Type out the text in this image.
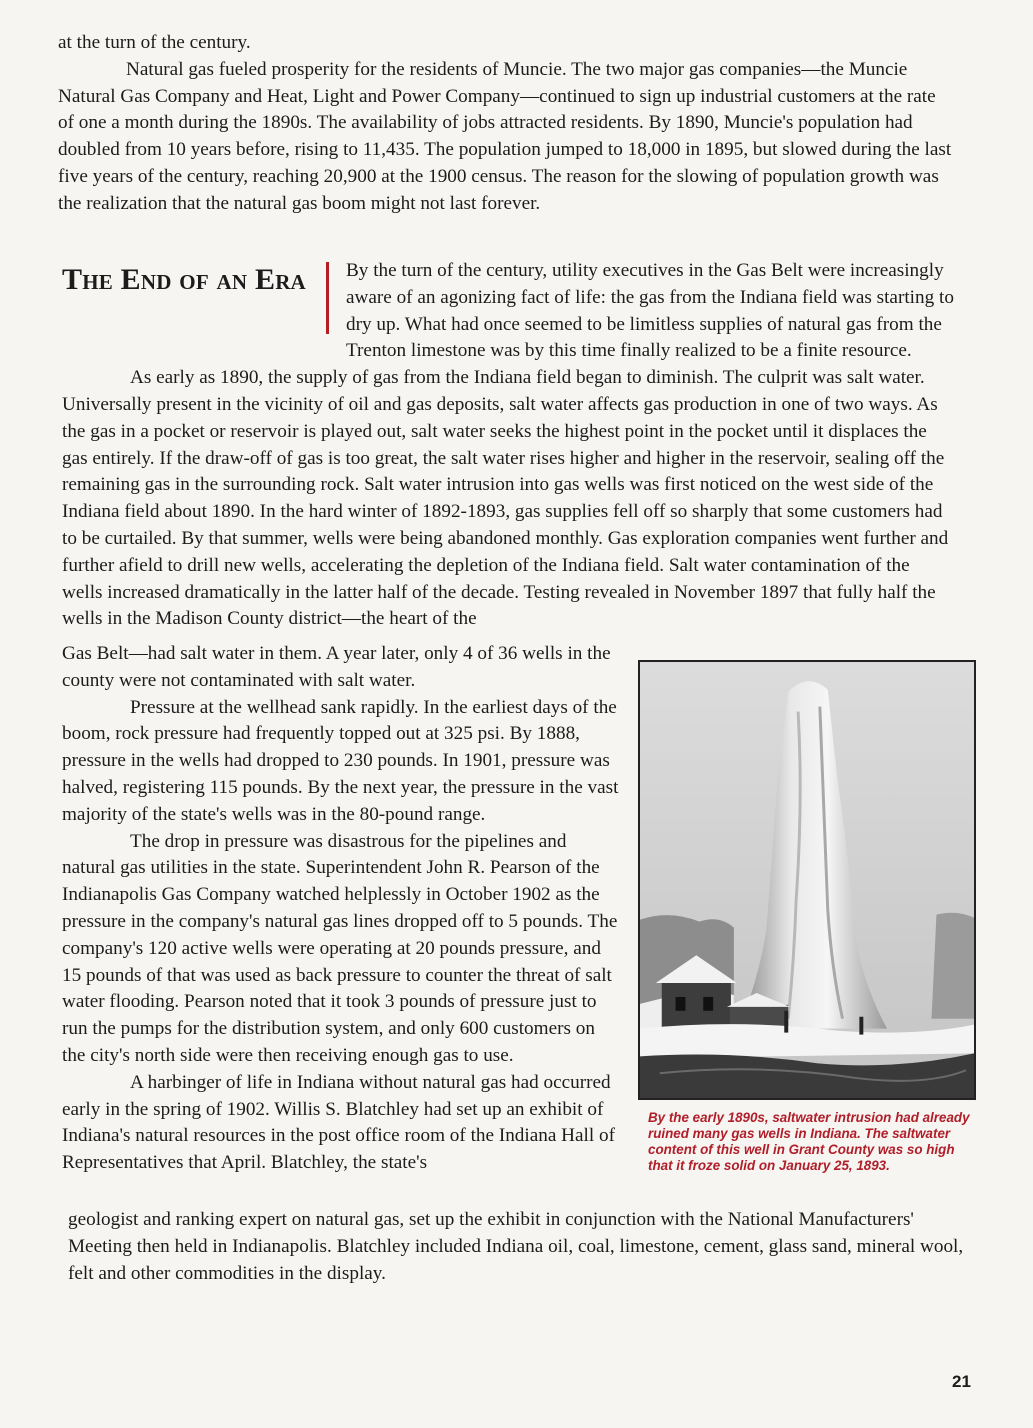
at the turn of the century.

Natural gas fueled prosperity for the residents of Muncie. The two major gas companies—the Muncie Natural Gas Company and Heat, Light and Power Company—continued to sign up industrial customers at the rate of one a month during the 1890s. The availability of jobs attracted residents. By 1890, Muncie's population had doubled from 10 years before, rising to 11,435. The population jumped to 18,000 in 1895, but slowed during the last five years of the century, reaching 20,900 at the 1900 census. The reason for the slowing of population growth was the realization that the natural gas boom might not last forever.

The End of an Era	By the turn of the century, utility executives in the Gas Belt were increasingly aware of an agonizing fact of life: the gas from the Indiana field was starting to dry up. What had once seemed to be limitless supplies of natural gas from the Trenton limestone was by this time finally realized to be a finite resource.

As early as 1890, the supply of gas from the Indiana field began to diminish. The culprit was salt water. Universally present in the vicinity of oil and gas deposits, salt water affects gas production in one of two ways. As the gas in a pocket or reservoir is played out, salt water seeks the highest point in the pocket until it displaces the gas entirely. If the draw-off of gas is too great, the salt water rises higher and higher in the reservoir, sealing off the remaining gas in the surrounding rock. Salt water intrusion into gas wells was first noticed on the west side of the Indiana field about 1890. In the hard winter of 1892-1893, gas supplies fell off so sharply that some customers had to be curtailed. By that summer, wells were being abandoned monthly. Gas exploration companies went further and further afield to drill new wells, accelerating the depletion of the Indiana field. Salt water contamination of the wells increased dramatically in the latter half of the decade. Testing revealed in November 1897 that fully half the wells in the Madison County district—the heart of the

Gas Belt—had salt water in them. A year later, only 4 of 36 wells in the county were not contaminated with salt water.

Pressure at the wellhead sank rapidly. In the earliest days of the boom, rock pressure had frequently topped out at 325 psi. By 1888, pressure in the wells had dropped to 230 pounds. In 1901, pressure was halved, registering 115 pounds. By the next year, the pressure in the vast majority of the state's wells was in the 80-pound range.

The drop in pressure was disastrous for the pipelines and natural gas utilities in the state. Superintendent John R. Pearson of the Indianapolis Gas Company watched helplessly in October 1902 as the pressure in the company's natural gas lines dropped off to 5 pounds. The company's 120 active wells were operating at 20 pounds pressure, and 15 pounds of that was used as back pressure to counter the threat of salt water flooding. Pearson noted that it took 3 pounds of pressure just to run the pumps for the distribution system, and only 600 customers on the city's north side were then receiving enough gas to use.

A harbinger of life in Indiana without natural gas had occurred early in the spring of 1902. Willis S. Blatchley had set up an exhibit of Indiana's natural resources in the post office room of the Indiana Hall of Representatives that April. Blatchley, the state's

geologist and ranking expert on natural gas, set up the exhibit in conjunction with the National Manufacturers' Meeting then held in Indianapolis. Blatchley included Indiana oil, coal, limestone, cement, glass sand, mineral wool, felt and other commodities in the display.

By the early 1890s, saltwater intrusion had already ruined many gas wells in Indiana. The saltwater content of this well in Grant County was so high that it froze solid on January 25, 1893.
21
